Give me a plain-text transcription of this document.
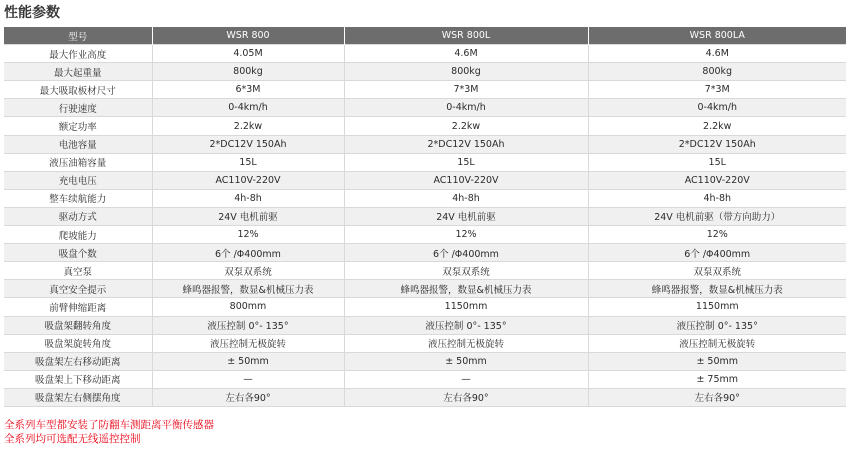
性能参数
型号	WSR 800	WSR 800L	WSR 800LA
最大作业高度	4.05M	4.6M	4.6M
最大起重量	800kg	800kg	800kg
最大吸取板材尺寸	6*3M	7*3M	7*3M
行驶速度	0-4km/h	0-4km/h	0-4km/h
额定功率	2.2kw	2.2kw	2.2kw
电池容量	2*DC12V 150Ah	2*DC12V 150Ah	2*DC12V 150Ah
液压油箱容量	15L	15L	15L
充电电压	AC110V-220V	AC110V-220V	AC110V-220V
整车续航能力	4h-8h	4h-8h	4h-8h
驱动方式	24V 电机前驱	24V 电机前驱	24V 电机前驱（带方向助力）
爬坡能力	12%	12%	12%
吸盘个数	6个 /Φ400mm	6个 /Φ400mm	6个 /Φ400mm
真空泵	双泵双系统	双泵双系统	双泵双系统
真空安全提示	蜂鸣器报警，数显&机械压力表	蜂鸣器报警，数显&机械压力表	蜂鸣器报警，数显&机械压力表
前臂伸缩距离	800mm	1150mm	1150mm
吸盘架翻转角度	液压控制 0°- 135°	液压控制 0°- 135°	液压控制 0°- 135°
吸盘架旋转角度	液压控制无极旋转	液压控制无极旋转	液压控制无极旋转
吸盘架左右移动距离	± 50mm	± 50mm	± 50mm
吸盘架上下移动距离	—	—	± 75mm
吸盘架左右侧摆角度	左右各90°	左右各90°	左右各90°
全系列车型都安装了防翻车测距离平衡传感器
全系列均可选配无线遥控控制
